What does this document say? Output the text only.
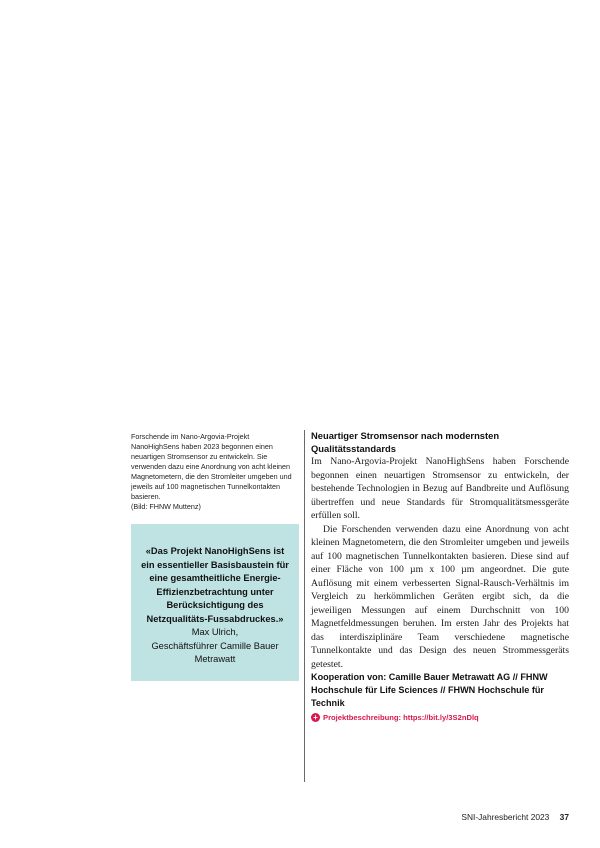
Forschende im Nano-Argovia-Projekt NanoHighSens haben 2023 begonnen einen neuartigen Stromsensor zu entwickeln. Sie verwenden dazu eine Anordnung von acht kleinen Magnetometern, die den Stromleiter umgeben und jeweils auf 100 magnetischen Tunnelkontakten basieren.

(Bild: FHNW Muttenz)

«Das Projekt NanoHighSens ist ein essentieller Basisbaustein für eine gesamtheitliche Energie-Effizienzbetrachtung unter Berücksichtigung des Netzqualitäts-Fussabdruckes.»

Max Ulrich,

Geschäftsführer Camille Bauer Metrawatt

Neuartiger Stromsensor nach modernsten Qualitätsstandards

Im Nano-Argovia-Projekt NanoHighSens haben Forschende begonnen einen neuartigen Stromsensor zu entwickeln, der bestehende Technologien in Bezug auf Bandbreite und Auflösung übertreffen und neue Standards für Stromqualitätsmessgeräte erfüllen soll.

Die Forschenden verwenden dazu eine Anordnung von acht kleinen Magnetometern, die den Stromleiter umgeben und jeweils auf 100 magnetischen Tunnelkontakten basieren. Diese sind auf einer Fläche von 100 µm x 100 µm angeordnet. Die gute Auflösung mit einem verbesserten Signal-Rausch-Verhältnis im Vergleich zu herkömmlichen Geräten ergibt sich, da die jeweiligen Messungen auf einem Durchschnitt von 100 Magnetfeldmessungen beruhen. Im ersten Jahr des Projekts hat das interdisziplinäre Team verschiedene magnetische Tunnelkontakte und das Design des neuen Strommessgeräts getestet.

Kooperation von: Camille Bauer Metrawatt AG // FHNW Hochschule für Life Sciences // FHWN Hochschule für Technik

+ Projektbeschreibung: https://bit.ly/3S2nDlq
SNI-Jahresbericht 2023 37
